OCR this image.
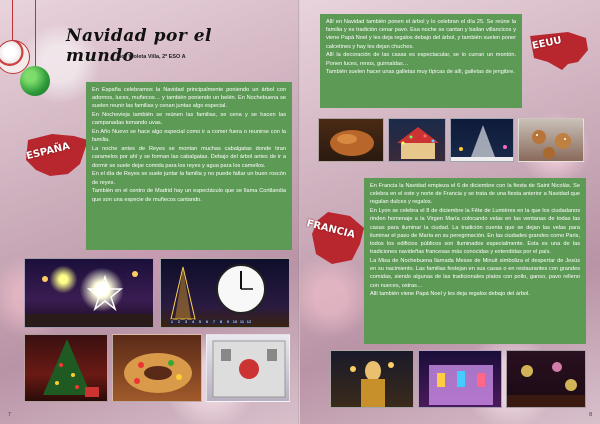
Navidad por el mundo
por Violeta Villa, 2º ESO A
ESPAÑA

En España celebramos la Navidad principalmente poniendo un árbol con adornos, luces, muñecos… y también poniendo un belén. En Nochebuena se suelen reunir las familias y cenan juntas algo especial.

En Nochevieja también se reúnen las familias, se cena y se hacen las campanadas tomando uvas.

En Año Nuevo se hace algo especial como ir a comer fuera o reunirse con la familia.

La noche antes de Reyes se montan muchas cabalgatas donde tiran caramelos por ahí y se forman las cabalgatas. Debajo del árbol antes de ir a dormir se suele dejar comida para los reyes y agua para los camellos.

En el día de Reyes se suele juntar la familia y no puede faltar un buen roscón de reyes.

También en el centro de Madrid hay un espectáculo que se llama Cortilandia que son una especie de muñecos cantando.

1	2	3	4	5	6	7	8	9 10 11 12
7

Allí en Navidad también ponen el árbol y lo celebran el día 25. Se reúne la familia y es tradición cenar pavo. Esa noche se cantan y bailan villancicos y viene Papá Noel y les deja regalos debajo del árbol, y también suelen poner calcetines y hay les dejan chuches.

Allí la decoración de las casas es espectacular, se lo curran un montón. Ponen luces, renos, guirnaldas…

También suelen hacer unas galletas muy típicas de allí, galletas de jengibre.

EEUU
FRANCIA

En Francia la Navidad empieza el 6 de diciembre con la fiesta de Saint Nicolás. Se celebra en el este y norte de Francia y se trata de una fiesta anterior a Navidad que regalan dulces y regalos.

En Lyon se celebra el 8 de diciembre la Fête de Lumières en la que los ciudadanos rinden homenaje a la Virgen María colocando velas en las ventanas de todas las casas para iluminar la ciudad. La tradición cuenta que se dejan las velas para iluminar el paso de María en su peregrinación. En las ciudades grandes como Paris, todos los edificios públicos son iluminados especialmente. Esta es una de las tradiciones navideñas francesas más conocidas y extendidas por el país.

La Misa de Nochebuena llamada Messe de Minuit simboliza el despertar de Jesús en su nacimiento. Las familias festejan en sus casas o en restaurantes con grandes comidas, siendo algunas de las tradicionales platos con pollo, ganso, pavo relleno con nueces, ostras…

Allí también viene Papá Noel y les deja regalos debajo del árbol.

8
